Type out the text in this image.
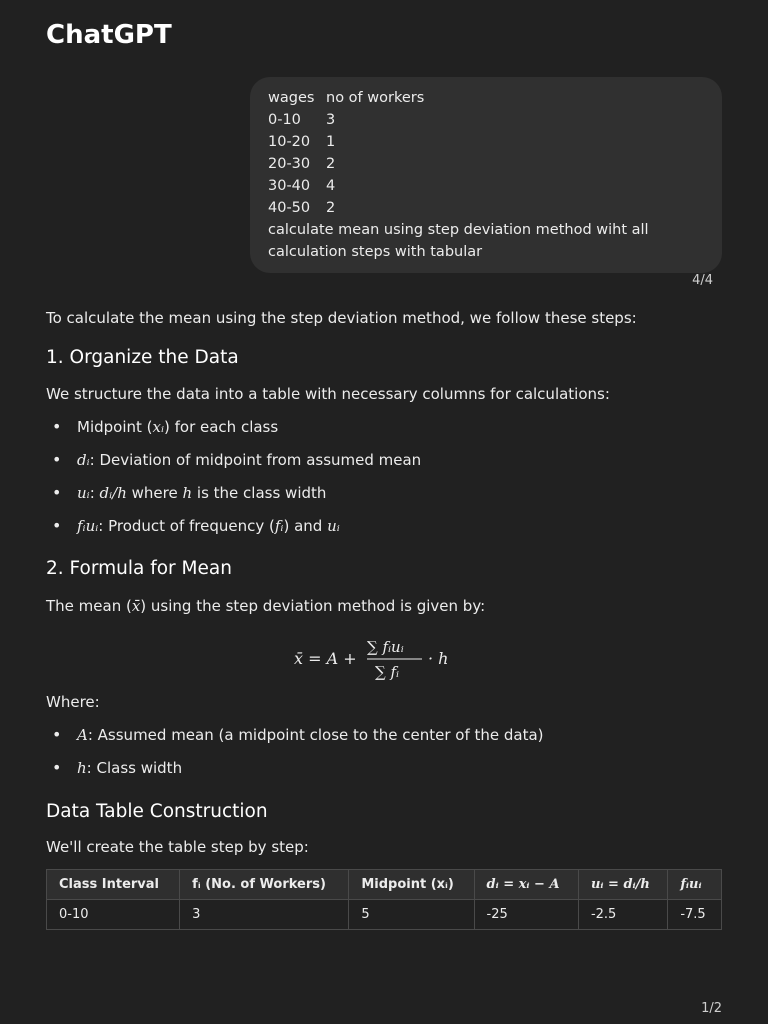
ChatGPT
wages no of workers
0-10	3
10-20	1
20-30	2
30-40	4
40-50	2

calculate mean using step deviation method wiht all calculation steps with tabular

4/4

To calculate the mean using the step deviation method, we follow these steps:

1. Organize the Data

We structure the data into a table with necessary columns for calculations:

• Midpoint (xᵢ) for each class
• dᵢ: Deviation of midpoint from assumed mean
• uᵢ: dᵢ/h where h is the class width
• fᵢuᵢ: Product of frequency (fᵢ) and uᵢ
2. Formula for Mean

The mean (x̄) using the step deviation method is given by:

x̄ = A +
∑ fᵢuᵢ
∑ fᵢ
· h

Where:

• A: Assumed mean (a midpoint close to the center of the data)
• h: Class width
Data Table Construction

We'll create the table step by step:

Class Interval	fᵢ (No. of Workers)	Midpoint (xᵢ)	dᵢ = xᵢ − A	uᵢ = dᵢ/h	fᵢuᵢ
0-10	3	5	-25	-2.5	-7.5
1/2
